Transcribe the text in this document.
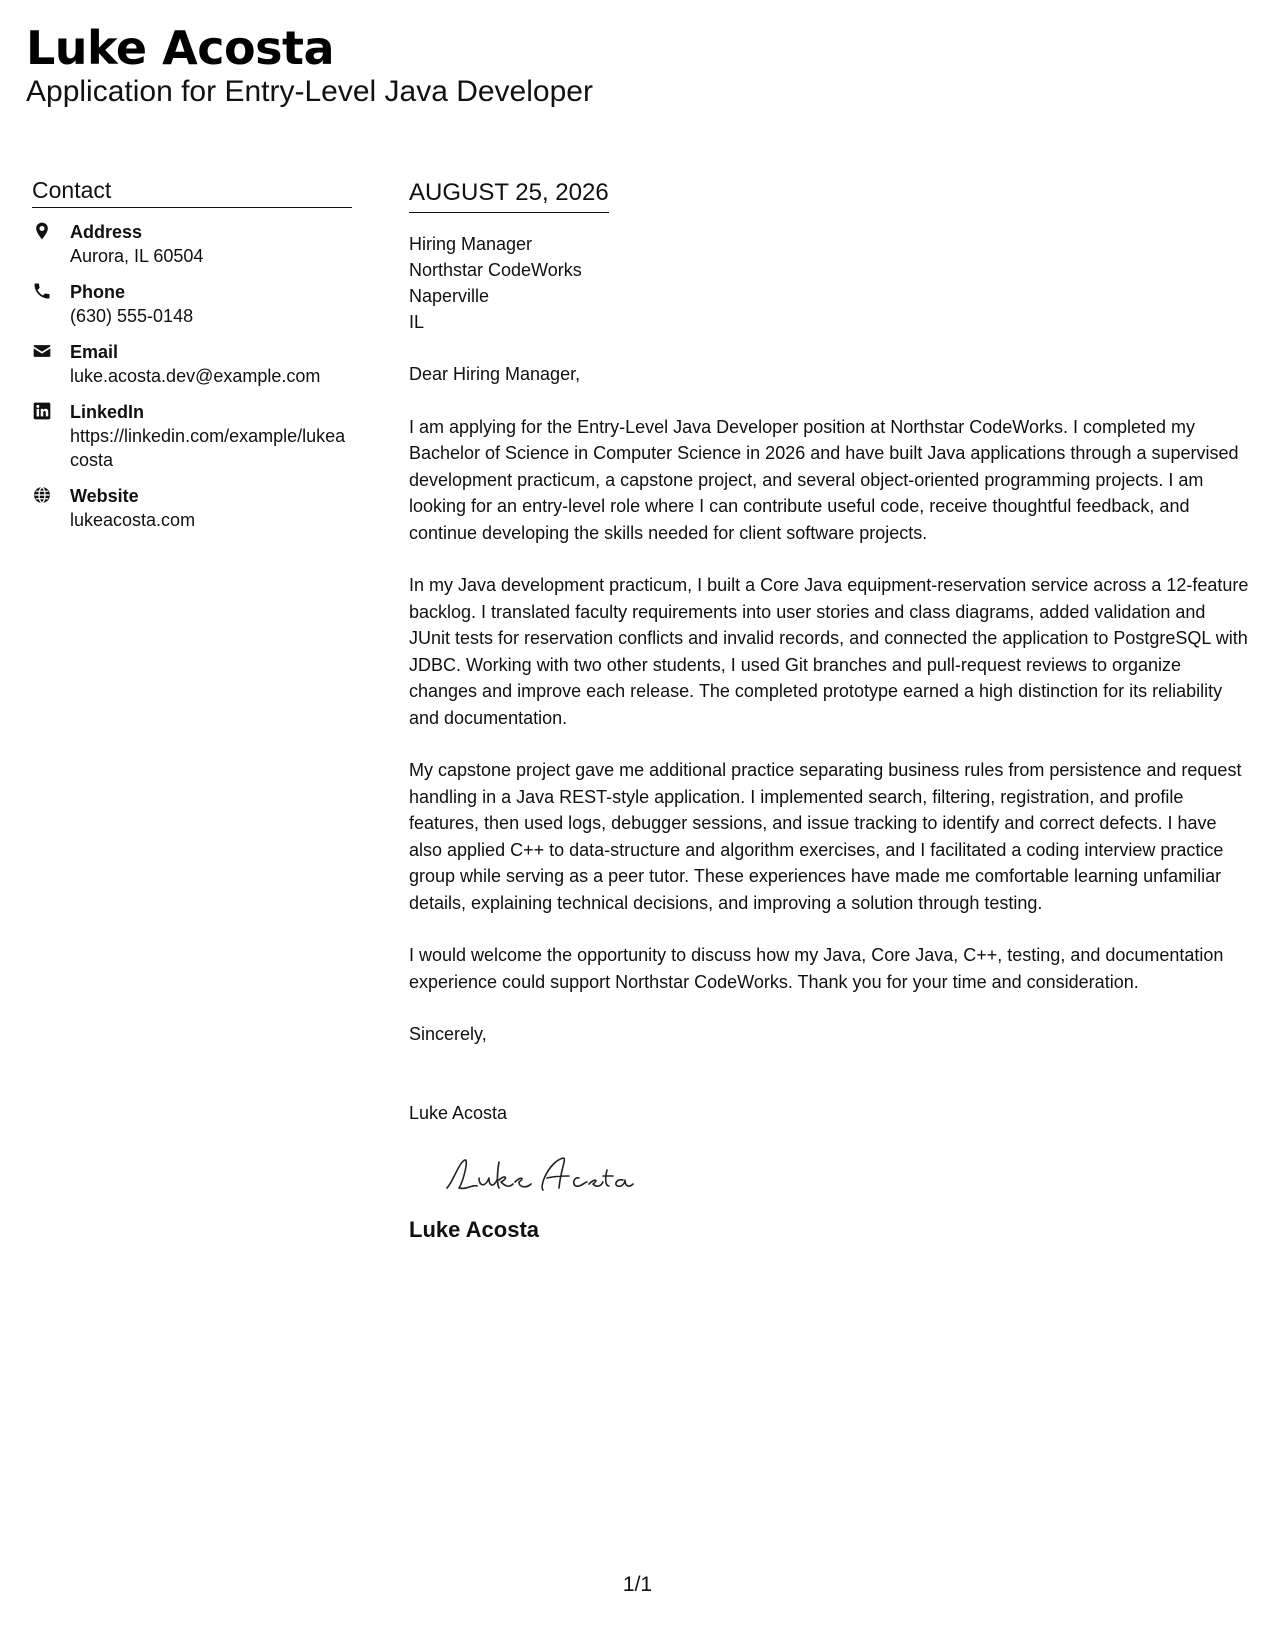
Luke Acosta
Application for Entry-Level Java Developer
Contact
Address
Aurora, IL 60504
Phone
(630) 555-0148
Email
luke.acosta.dev@example.com
LinkedIn
https://linkedin.com/example/lukeacosta
Website
lukeacosta.com
AUGUST 25, 2026
Hiring Manager
Northstar CodeWorks
Naperville
IL
Dear Hiring Manager,

I am applying for the Entry-Level Java Developer position at Northstar CodeWorks. I completed my Bachelor of Science in Computer Science in 2026 and have built Java applications through a supervised development practicum, a capstone project, and several object-oriented programming projects. I am looking for an entry-level role where I can contribute useful code, receive thoughtful feedback, and continue developing the skills needed for client software projects.

In my Java development practicum, I built a Core Java equipment-reservation service across a 12-feature backlog. I translated faculty requirements into user stories and class diagrams, added validation and JUnit tests for reservation conflicts and invalid records, and connected the application to PostgreSQL with JDBC. Working with two other students, I used Git branches and pull-request reviews to organize changes and improve each release. The completed prototype earned a high distinction for its reliability and documentation.

My capstone project gave me additional practice separating business rules from persistence and request handling in a Java REST-style application. I implemented search, filtering, registration, and profile features, then used logs, debugger sessions, and issue tracking to identify and correct defects. I have also applied C++ to data-structure and algorithm exercises, and I facilitated a coding interview practice group while serving as a peer tutor. These experiences have made me comfortable learning unfamiliar details, explaining technical decisions, and improving a solution through testing.

I would welcome the opportunity to discuss how my Java, Core Java, C++, testing, and documentation experience could support Northstar CodeWorks. Thank you for your time and consideration.

Sincerely,
Luke Acosta
Luke Acosta
1/1
